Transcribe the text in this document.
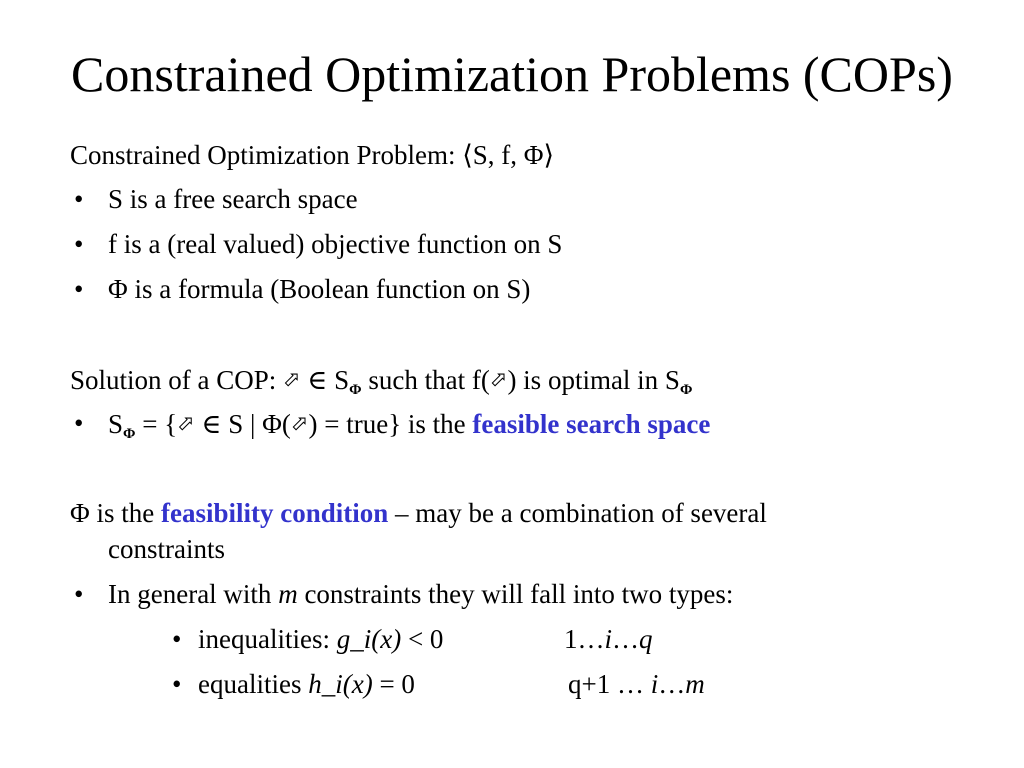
Constrained Optimization Problems (COPs)
Constrained Optimization Problem: ⟨S, f, Φ⟩
• S is a free search space
• f is a (real valued) objective function on S
• Φ is a formula (Boolean function on S)
Solution of a COP: ⬀ ∈ $S_\Phi$ such that f(⬀) is optimal in $S_\Phi$
• $S_\Phi$ = {⬀ ∈ S | Φ(⬀) = true} is the feasible search space
Φ is the feasibility condition – may be a combination of several
constraints
• In general with m constraints they will fall into two types:
• inequalities: g_i(x) < 0	1…i…q
• equalities h_i(x) = 0	q+1 … i…m
